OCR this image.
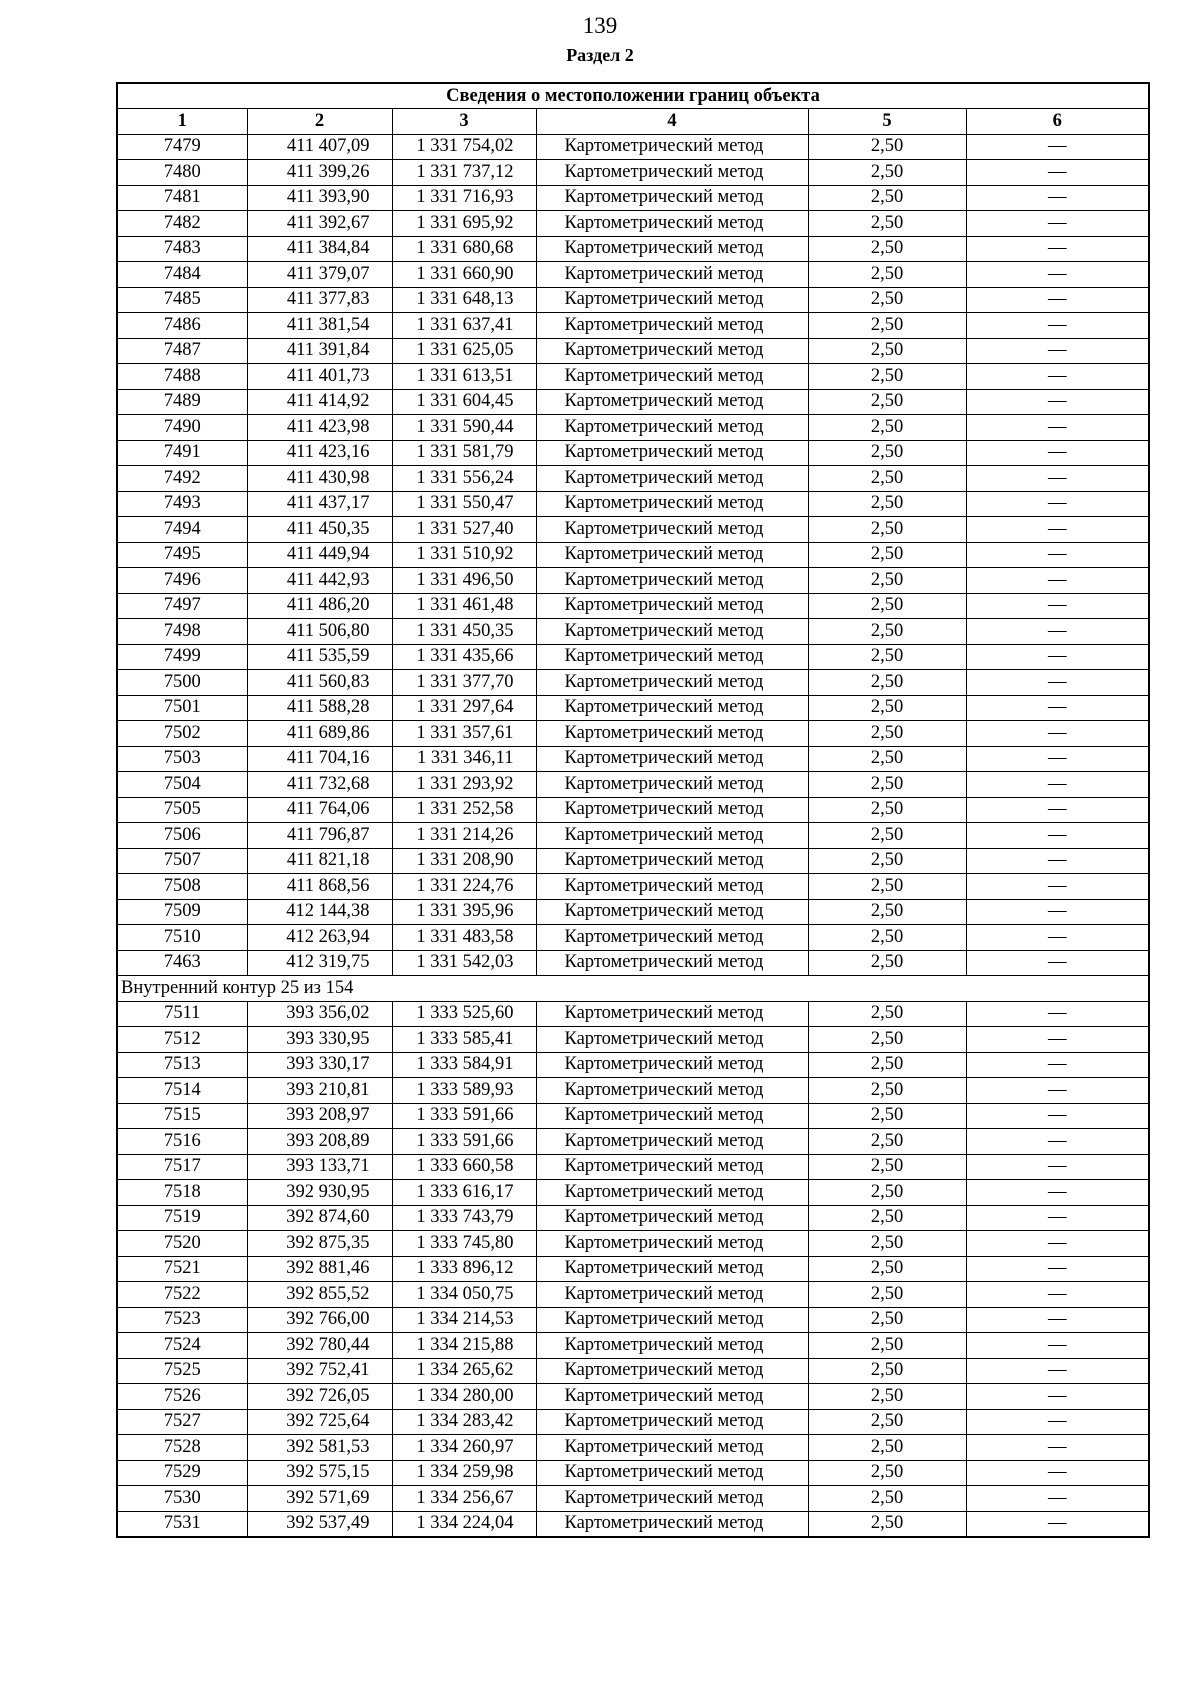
139
Раздел 2
Сведения о местоположении границ объекта					
1	2	3	4	5	6
7479	411 407,09	1 331 754,02	Картометрический метод	2,50	—
7480	411 399,26	1 331 737,12	Картометрический метод	2,50	—
7481	411 393,90	1 331 716,93	Картометрический метод	2,50	—
7482	411 392,67	1 331 695,92	Картометрический метод	2,50	—
7483	411 384,84	1 331 680,68	Картометрический метод	2,50	—
7484	411 379,07	1 331 660,90	Картометрический метод	2,50	—
7485	411 377,83	1 331 648,13	Картометрический метод	2,50	—
7486	411 381,54	1 331 637,41	Картометрический метод	2,50	—
7487	411 391,84	1 331 625,05	Картометрический метод	2,50	—
7488	411 401,73	1 331 613,51	Картометрический метод	2,50	—
7489	411 414,92	1 331 604,45	Картометрический метод	2,50	—
7490	411 423,98	1 331 590,44	Картометрический метод	2,50	—
7491	411 423,16	1 331 581,79	Картометрический метод	2,50	—
7492	411 430,98	1 331 556,24	Картометрический метод	2,50	—
7493	411 437,17	1 331 550,47	Картометрический метод	2,50	—
7494	411 450,35	1 331 527,40	Картометрический метод	2,50	—
7495	411 449,94	1 331 510,92	Картометрический метод	2,50	—
7496	411 442,93	1 331 496,50	Картометрический метод	2,50	—
7497	411 486,20	1 331 461,48	Картометрический метод	2,50	—
7498	411 506,80	1 331 450,35	Картометрический метод	2,50	—
7499	411 535,59	1 331 435,66	Картометрический метод	2,50	—
7500	411 560,83	1 331 377,70	Картометрический метод	2,50	—
7501	411 588,28	1 331 297,64	Картометрический метод	2,50	—
7502	411 689,86	1 331 357,61	Картометрический метод	2,50	—
7503	411 704,16	1 331 346,11	Картометрический метод	2,50	—
7504	411 732,68	1 331 293,92	Картометрический метод	2,50	—
7505	411 764,06	1 331 252,58	Картометрический метод	2,50	—
7506	411 796,87	1 331 214,26	Картометрический метод	2,50	—
7507	411 821,18	1 331 208,90	Картометрический метод	2,50	—
7508	411 868,56	1 331 224,76	Картометрический метод	2,50	—
7509	412 144,38	1 331 395,96	Картометрический метод	2,50	—
7510	412 263,94	1 331 483,58	Картометрический метод	2,50	—
7463	412 319,75	1 331 542,03	Картометрический метод	2,50	—
Внутренний контур 25 из 154					
7511	393 356,02	1 333 525,60	Картометрический метод	2,50	—
7512	393 330,95	1 333 585,41	Картометрический метод	2,50	—
7513	393 330,17	1 333 584,91	Картометрический метод	2,50	—
7514	393 210,81	1 333 589,93	Картометрический метод	2,50	—
7515	393 208,97	1 333 591,66	Картометрический метод	2,50	—
7516	393 208,89	1 333 591,66	Картометрический метод	2,50	—
7517	393 133,71	1 333 660,58	Картометрический метод	2,50	—
7518	392 930,95	1 333 616,17	Картометрический метод	2,50	—
7519	392 874,60	1 333 743,79	Картометрический метод	2,50	—
7520	392 875,35	1 333 745,80	Картометрический метод	2,50	—
7521	392 881,46	1 333 896,12	Картометрический метод	2,50	—
7522	392 855,52	1 334 050,75	Картометрический метод	2,50	—
7523	392 766,00	1 334 214,53	Картометрический метод	2,50	—
7524	392 780,44	1 334 215,88	Картометрический метод	2,50	—
7525	392 752,41	1 334 265,62	Картометрический метод	2,50	—
7526	392 726,05	1 334 280,00	Картометрический метод	2,50	—
7527	392 725,64	1 334 283,42	Картометрический метод	2,50	—
7528	392 581,53	1 334 260,97	Картометрический метод	2,50	—
7529	392 575,15	1 334 259,98	Картометрический метод	2,50	—
7530	392 571,69	1 334 256,67	Картометрический метод	2,50	—
7531	392 537,49	1 334 224,04	Картометрический метод	2,50	—
